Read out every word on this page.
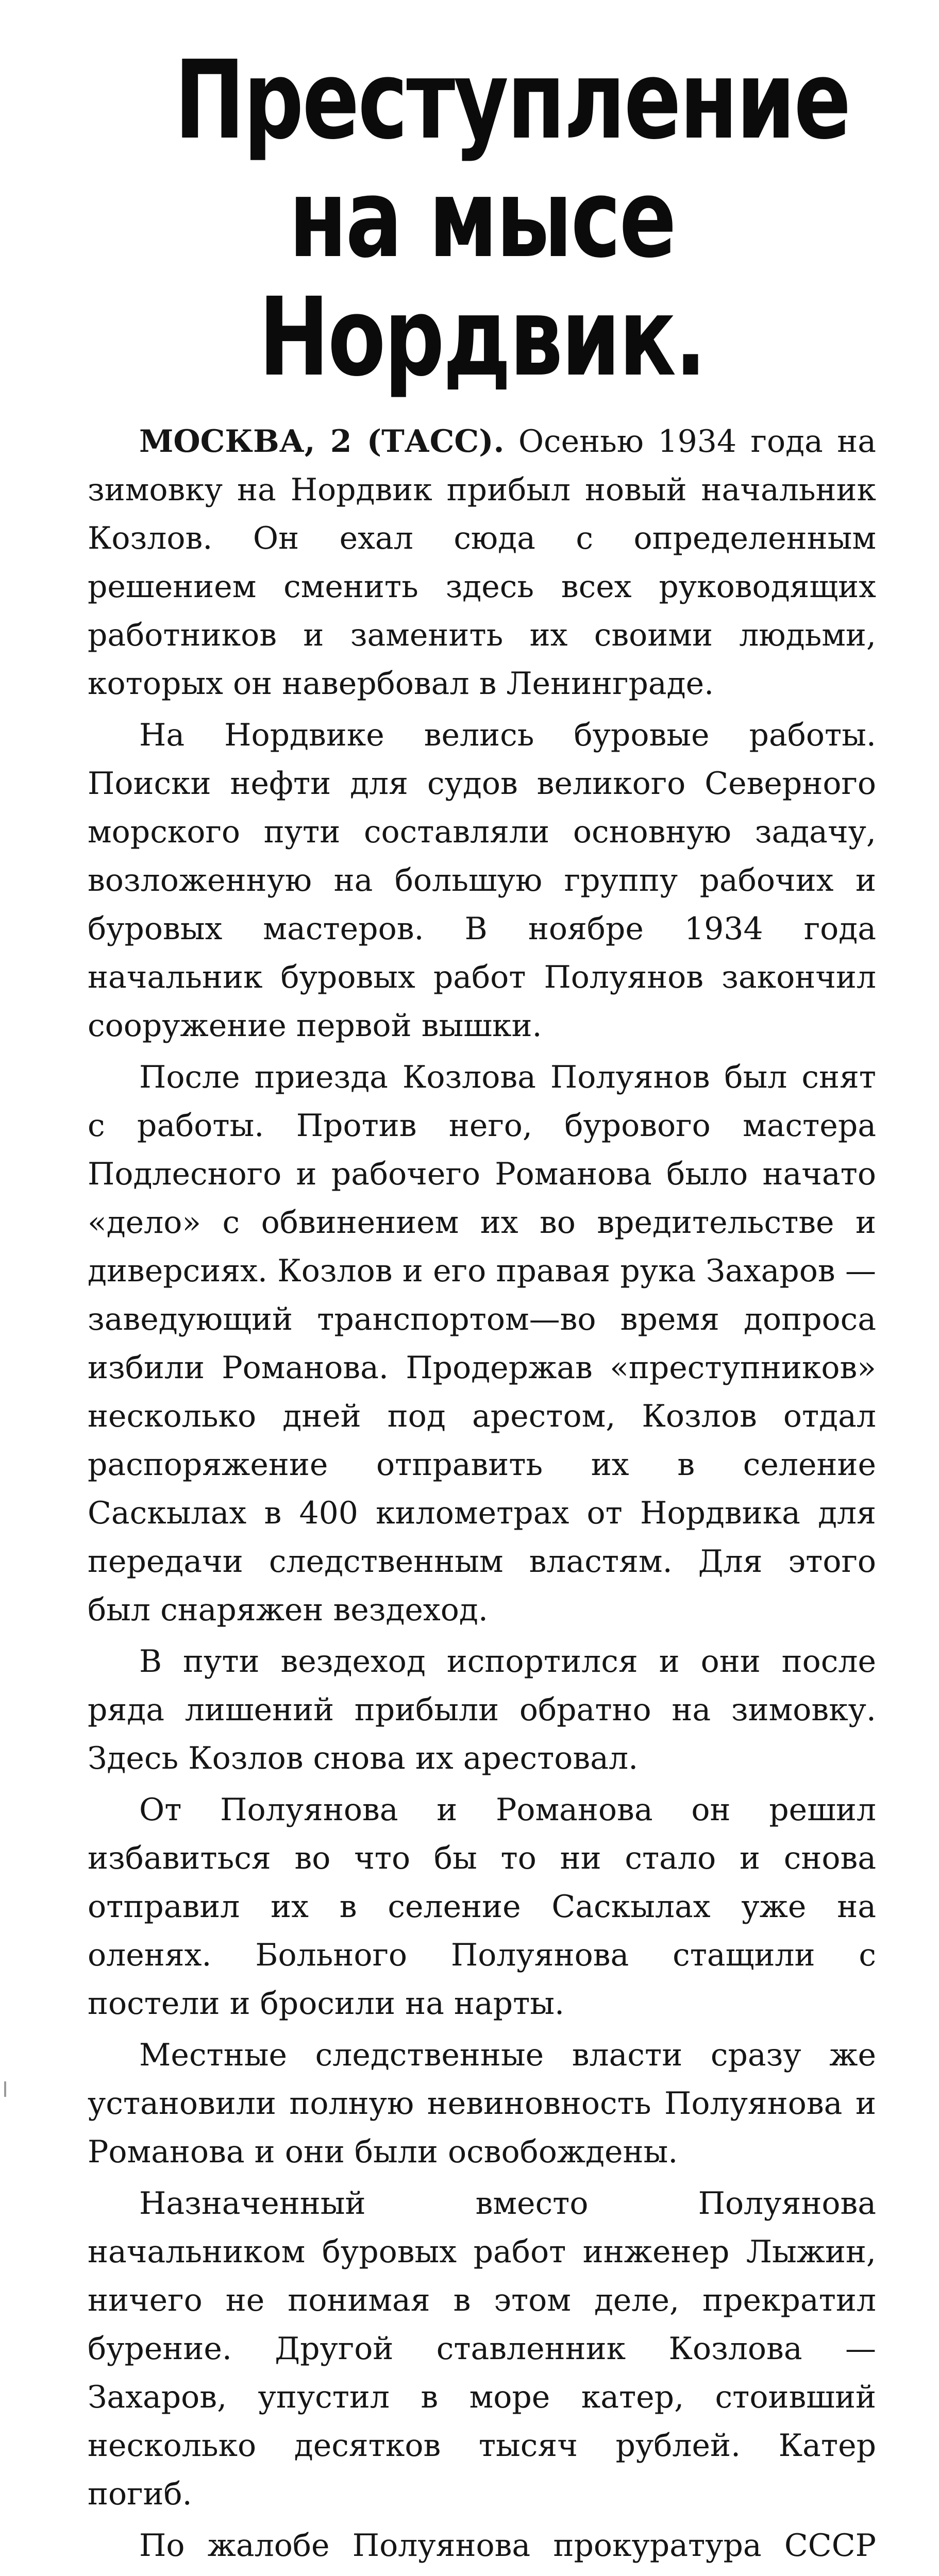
Преступление на мысе
Нордвик.

МОСКВА, 2 (ТАСС). Осенью 1934 года на зимовку на Нордвик прибыл новый начальник Козлов. Он ехал сюда с определенным решением сменить здесь всех руководящих работников и заменить их своими людьми, которых он навербовал в Ленинграде.

На Нордвике велись буровые работы. Поиски нефти для судов великого Северного морского пути составляли основную задачу, возложенную на большую группу рабочих и буровых мастеров. В ноябре 1934 года начальник буровых работ Полуянов закончил сооружение первой вышки.

После приезда Козлова Полуянов был снят с работы. Против него, бурового мастера Подлесного и рабочего Романова было начато «дело» с обвинением их во вредительстве и диверсиях. Козлов и его правая рука Захаров — заведующий транспортом—во время допроса избили Романова. Продержав «преступников» несколько дней под арестом, Козлов отдал распоряжение отправить их в селение Саскылах в 400 километрах от Нордвика для передачи следственным властям. Для этого был снаряжен вездеход.

В пути вездеход испортился и они после ряда лишений прибыли обратно на зимовку. Здесь Козлов снова их арестовал.

От Полуянова и Романова он решил избавиться во что бы то ни стало и снова отправил их в селение Саскылах уже на оленях. Больного Полуянова стащили с постели и бросили на нарты.

Местные следственные власти сразу же установили полную невиновность Полуянова и Романова и они были освобождены.

Назначенный вместо Полуянова начальником буровых работ инженер Лыжин, ничего не понимая в этом деле, прекратил бурение. Другой ставленник Козлова — Захаров, упустил в море катер, стоивший несколько десятков тысяч рублей. Катер погиб.

По жалобе Полуянова прокуратура СССР
